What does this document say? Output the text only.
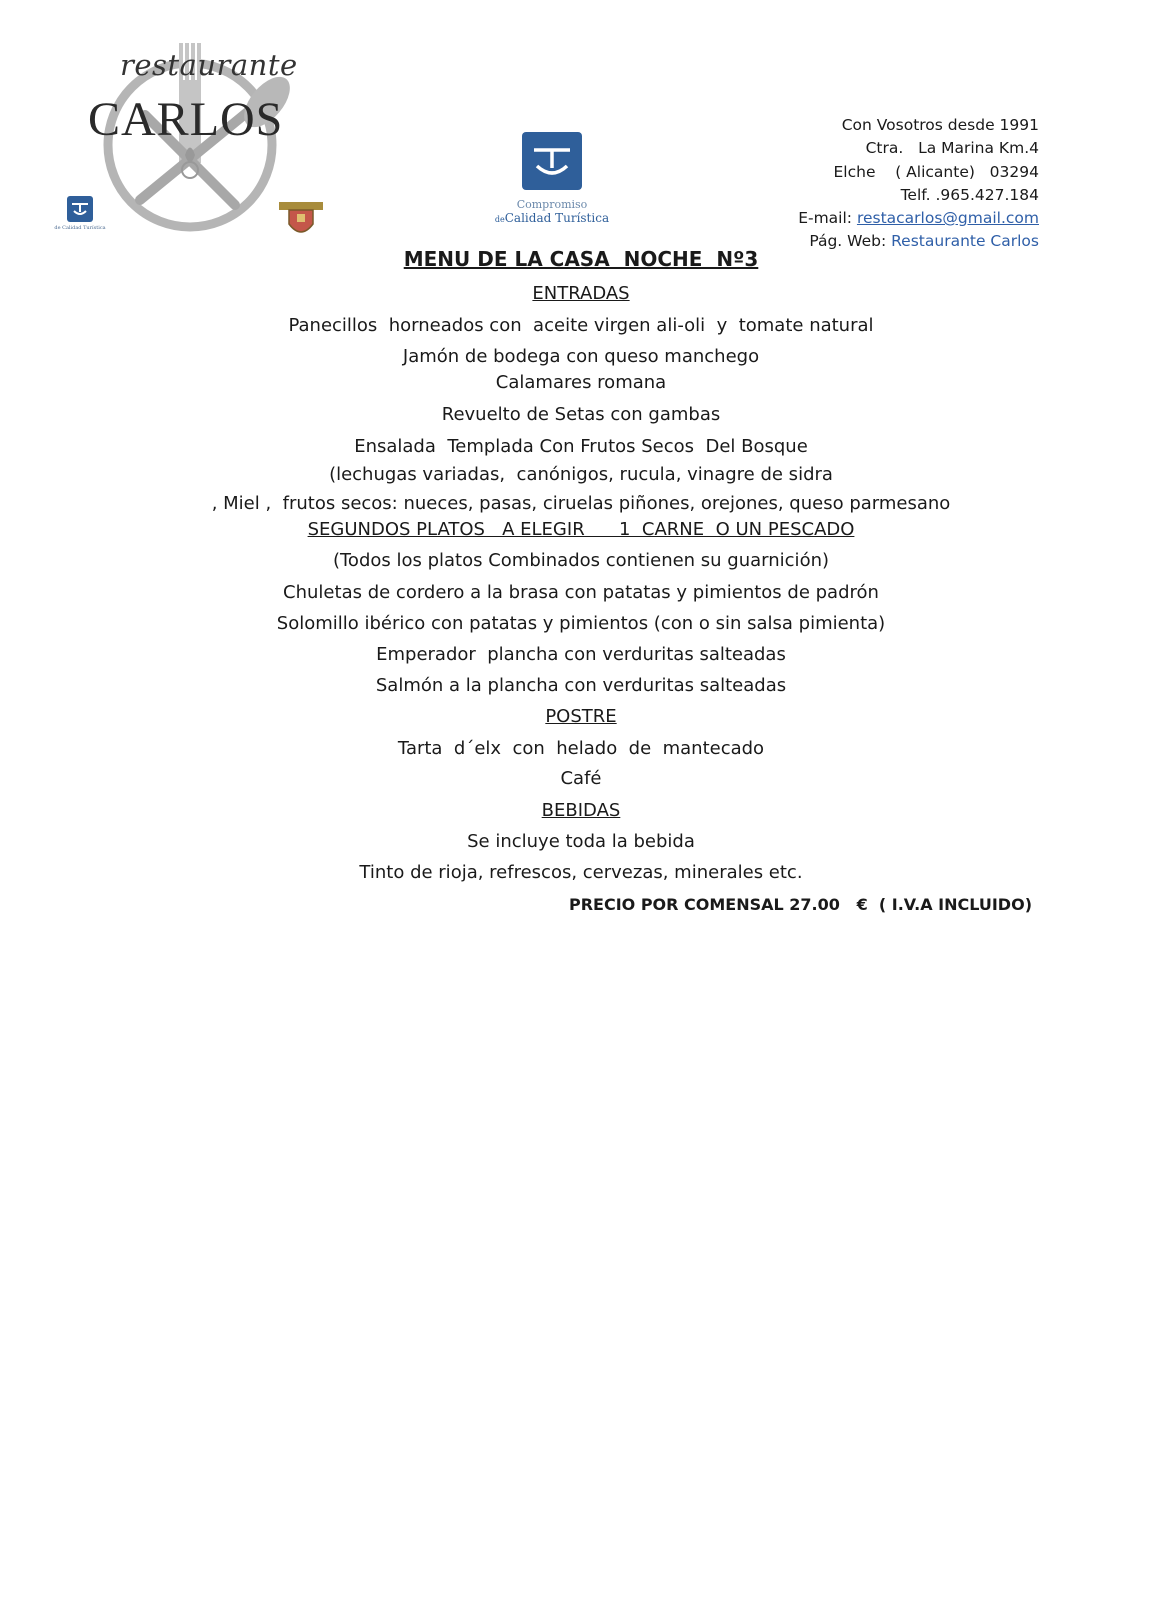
restaurante
CARLOS
de Calidad Turística
Compromiso
deCalidad Turística
Con Vosotros desde 1991
Ctra.   La Marina Km.4
Elche    ( Alicante)   03294
Telf. .965.427.184
E-mail: restacarlos@gmail.com
Pág. Web: Restaurante Carlos
MENU DE LA CASA  NOCHE  Nº3
ENTRADAS
Panecillos  horneados con  aceite virgen ali-oli  y  tomate natural
Jamón de bodega con queso manchego
Calamares romana
Revuelto de Setas con gambas
Ensalada  Templada Con Frutos Secos  Del Bosque
(lechugas variadas,  canónigos, rucula, vinagre de sidra
, Miel ,  frutos secos: nueces, pasas, ciruelas piñones, orejones, queso parmesano
SEGUNDOS PLATOS   A ELEGIR      1  CARNE  O UN PESCADO
(Todos los platos Combinados contienen su guarnición)
Chuletas de cordero a la brasa con patatas y pimientos de padrón
Solomillo ibérico con patatas y pimientos (con o sin salsa pimienta)
Emperador  plancha con verduritas salteadas
Salmón a la plancha con verduritas salteadas
POSTRE
Tarta  d´elx  con  helado  de  mantecado
Café
BEBIDAS
Se incluye toda la bebida
Tinto de rioja, refrescos, cervezas, minerales etc.
PRECIO POR COMENSAL 27.00   €  ( I.V.A INCLUIDO)
